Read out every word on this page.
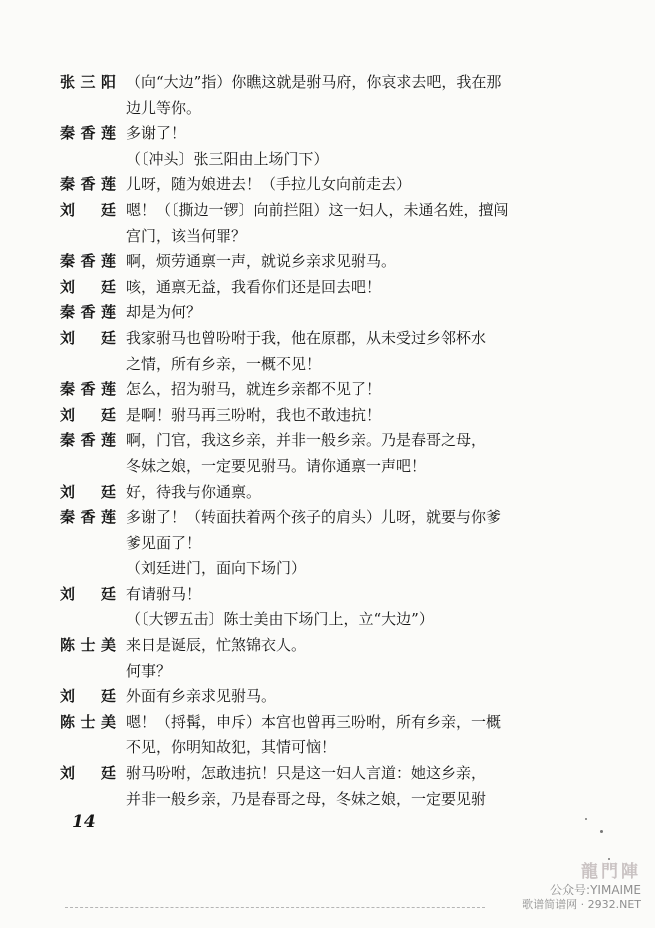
张三阳 （向“大边”指）你瞧这就是驸马府，你哀求去吧，我在那
边儿等你。
秦香莲 多谢了！
（〔冲头〕张三阳由上场门下）
秦香莲 儿呀，随为娘进去！（手拉儿女向前走去）
刘廷 嗯！（〔撕边一锣〕向前拦阻）这一妇人，未通名姓，擅闯
宫门，该当何罪？
秦香莲 啊，烦劳通禀一声，就说乡亲求见驸马。
刘廷 咳，通禀无益，我看你们还是回去吧！
秦香莲 却是为何？
刘廷 我家驸马也曾吩咐于我，他在原郡，从未受过乡邻杯水
之情，所有乡亲，一概不见！
秦香莲 怎么，招为驸马，就连乡亲都不见了！
刘廷 是啊！驸马再三吩咐，我也不敢违抗！
秦香莲 啊，门官，我这乡亲，并非一般乡亲。乃是春哥之母，
冬妹之娘，一定要见驸马。请你通禀一声吧！
刘廷 好，待我与你通禀。
秦香莲 多谢了！（转面扶着两个孩子的肩头）儿呀，就要与你爹
爹见面了！
（刘廷进门，面向下场门）
刘廷 有请驸马！
（〔大锣五击〕陈士美由下场门上，立“大边”）
陈士美 来日是诞辰，忙煞锦衣人。
何事？
刘廷 外面有乡亲求见驸马。
陈士美 嗯！（捋髯，申斥）本宫也曾再三吩咐，所有乡亲，一概
不见，你明知故犯，其情可恼！
刘廷 驸马吩咐，怎敢违抗！只是这一妇人言道：她这乡亲，
并非一般乡亲，乃是春哥之母，冬妹之娘，一定要见驸
14
龍門陣
公众号:YIMAIME
歌谱简谱网 · 2932.NET
